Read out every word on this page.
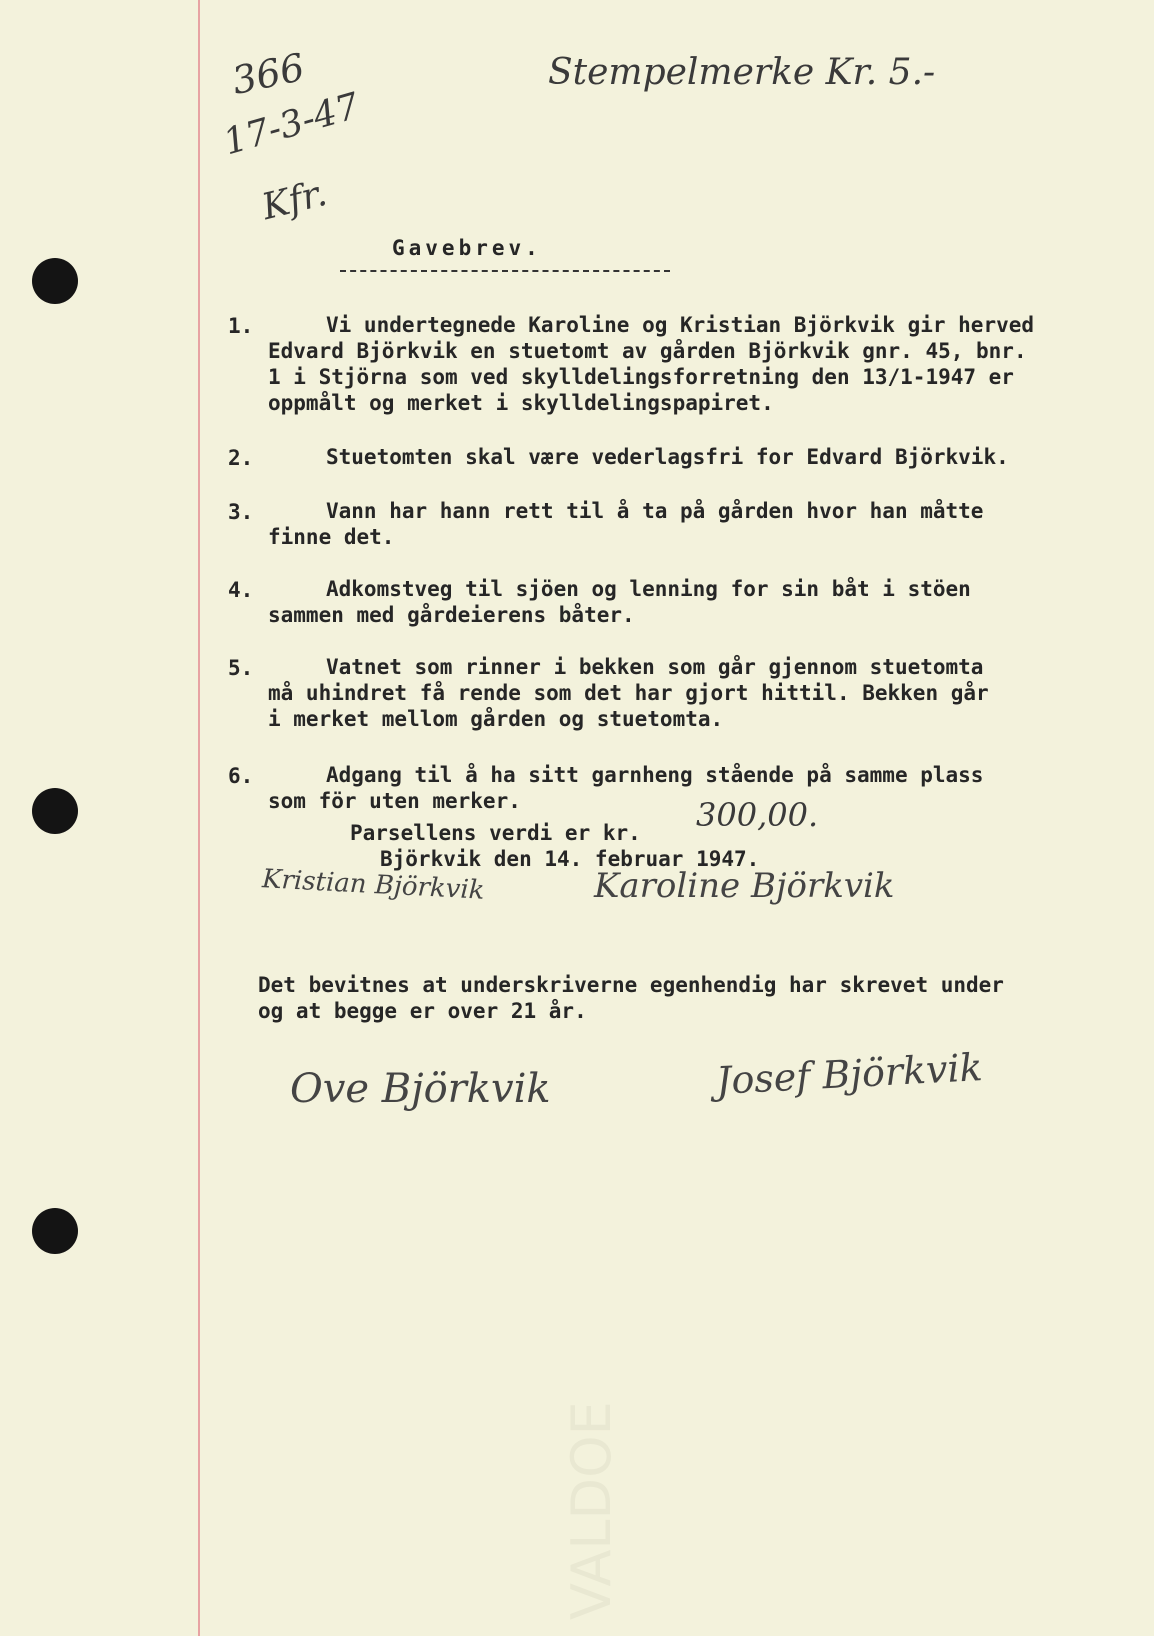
VALDOE
366
17-3-47
Kfr.
Stempelmerke Kr. 5.-
Gavebrev.
1.	Vi undertegnede Karoline og Kristian Björkvik gir herved
Edvard Björkvik en stuetomt av gården Björkvik gnr. 45, bnr.
1 i Stjörna som ved skylldelingsforretning den 13/1-1947 er
oppmålt og merket i skylldelingspapiret.
2.	Stuetomten skal være vederlagsfri for Edvard Björkvik.
3.	Vann har hann rett til å ta på gården hvor han måtte
finne det.
4.	Adkomstveg til sjöen og lenning for sin båt i stöen
sammen med gårdeierens båter.
5.	Vatnet som rinner i bekken som går gjennom stuetomta
må uhindret få rende som det har gjort hittil. Bekken går
i merket mellom gården og stuetomta.
6.	Adgang til å ha sitt garnheng stående på samme plass
som för uten merker.
Parsellens verdi er kr. 300,00.
Björkvik den 14. februar 1947.
Kristian Björkvik	Karoline Björkvik
Det bevitnes at underskriverne egenhendig har skrevet under
og at begge er over 21 år.
Ove Björkvik	Josef Björkvik
